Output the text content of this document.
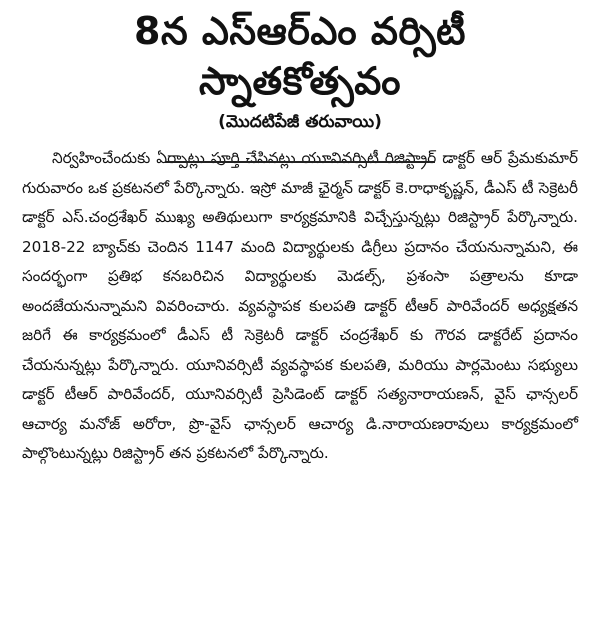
8న ఎస్ఆర్ఎం వర్సిటీ
స్నాతకోత్సవం
(మొదటిపేజీ తరువాయి)

నిర్వహించేందుకు ఏర్పాట్లు పూర్తి చేసినట్లు యూనివర్సిటీ రిజిస్ట్రార్ డాక్టర్ ఆర్ ప్రేమకుమార్ గురువారం ఒక ప్రకటనలో పేర్కొన్నారు. ఇస్రో మాజీ ఛైర్మన్ డాక్టర్ కె.రాధాకృష్ణన్, డీఎస్ టీ సెక్రెటరీ డాక్టర్ ఎస్.చంద్రశేఖర్ ముఖ్య అతిథులుగా కార్యక్రమానికి విచ్చేస్తున్నట్లు రిజిస్ట్రార్ పేర్కొన్నారు. 2018-22 బ్యాచ్‌కు చెందిన 1147 మంది విద్యార్థులకు డిగ్రీలు ప్రదానం చేయనున్నామని, ఈ సందర్భంగా ప్రతిభ కనబరిచిన విద్యార్థులకు మెడల్స్, ప్రశంసా పత్రాలను కూడా అందజేయనున్నామని వివరించారు. వ్యవస్థాపక కులపతి డాక్టర్ టీఆర్ పారివేందర్ అధ్యక్షతన జరిగే ఈ కార్యక్రమంలో డీఎస్ టీ సెక్రెటరీ డాక్టర్ చంద్రశేఖర్ కు గౌరవ డాక్టరేట్ ప్రదానం చేయనున్నట్లు పేర్కొన్నారు. యూనివర్సిటీ వ్యవస్థాపక కులపతి, మరియు పార్లమెంటు సభ్యులు డాక్టర్ టీఆర్ పారివేందర్, యూనివర్సిటీ ప్రెసిడెంట్ డాక్టర్ సత్యనారాయణన్, వైస్ ఛాన్సలర్ ఆచార్య మనోజ్ అరోరా, ప్రొ-వైస్ ఛాన్సలర్ ఆచార్య డి.నారాయణరావులు కార్యక్రమంలో పాల్గొంటున్నట్లు రిజిస్ట్రార్ తన ప్రకటనలో పేర్కొన్నారు.
